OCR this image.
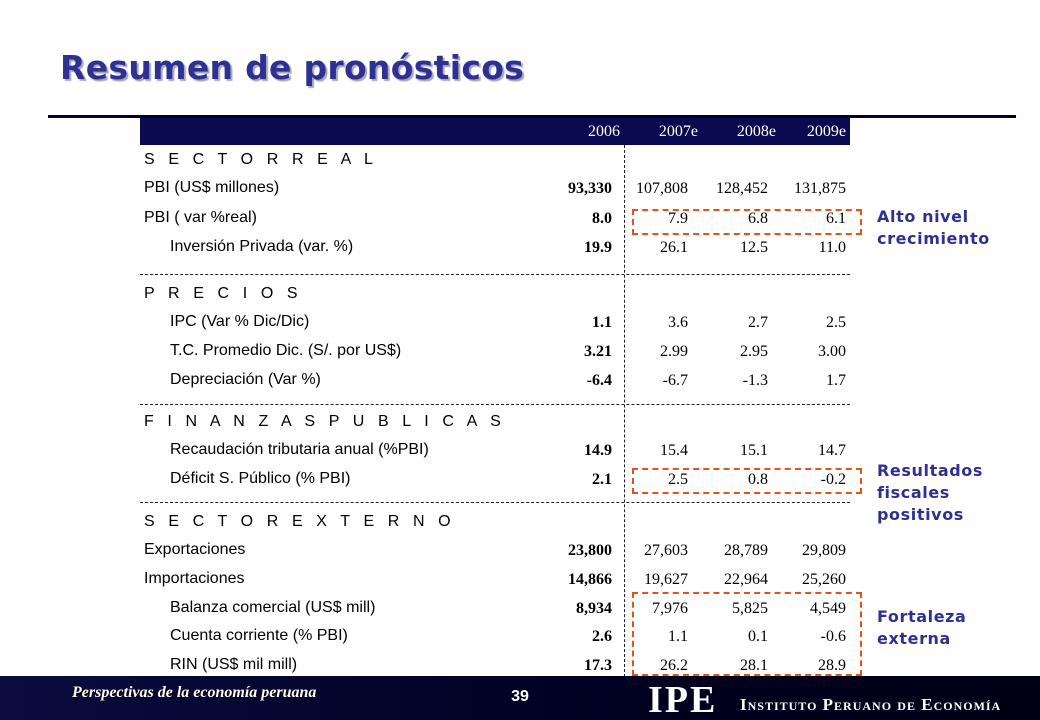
Resumen de pronósticos
2006	2007e	2008e	2009e
S E C T O R R E A L
PBI (US$ millones)	93,330	107,808	128,452	131,875
PBI ( var %real)	8.0	7.9	6.8	6.1
Inversión Privada (var. %)	19.9	26.1	12.5	11.0
P R E C I O S
IPC (Var % Dic/Dic)	1.1	3.6	2.7	2.5
T.C. Promedio Dic. (S/. por US$)	3.21	2.99	2.95	3.00
Depreciación (Var %)	-6.4	-6.7	-1.3	1.7
F I N A N Z A S P U B L I C A S
Recaudación tributaria anual (%PBI)	14.9	15.4	15.1	14.7
Déficit S. Público (% PBI)	2.1	2.5	0.8	-0.2
S E C T O R E X T E R N O
Exportaciones	23,800	27,603	28,789	29,809
Importaciones	14,866	19,627	22,964	25,260
Balanza comercial (US$ mill)	8,934	7,976	5,825	4,549
Cuenta corriente (% PBI)	2.6	1.1	0.1	-0.6
RIN (US$ mil mill)	17.3	26.2	28.1	28.9
Alto nivel
crecimiento
Resultados
fiscales
positivos
Fortaleza
externa
Perspectivas de la economía peruana	39	IPE Instituto Peruano de Economía
